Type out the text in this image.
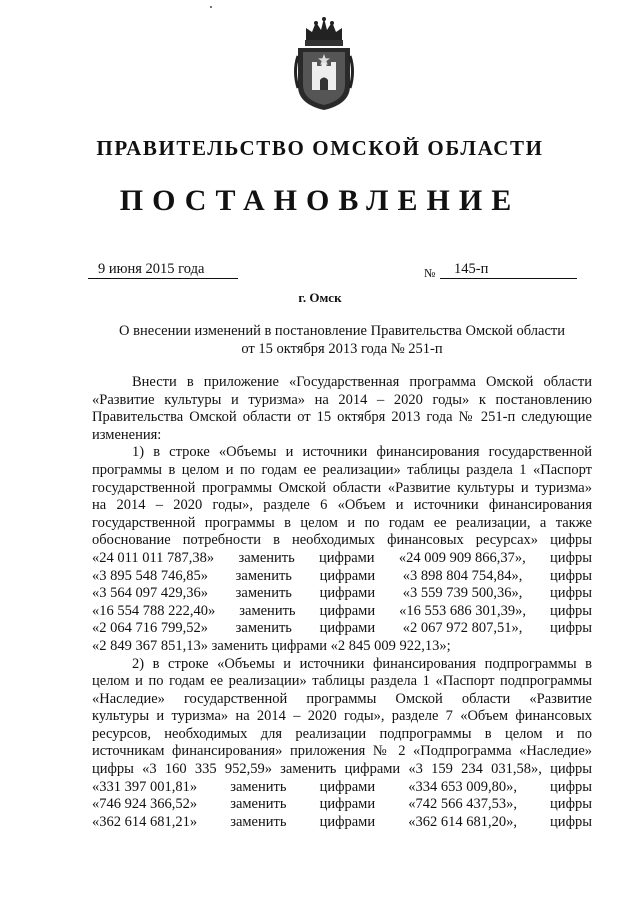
ПРАВИТЕЛЬСТВО ОМСКОЙ ОБЛАСТИ
ПОСТАНОВЛЕНИЕ
9 июня 2015 года	№	145-п
г. Омск
О внесении изменений в постановление Правительства Омской области
от 15 октября 2013 года № 251-п

Внести в приложение «Государственная программа Омской области

«Развитие культуры и туризма» на 2014 – 2020 годы» к постановлению

Правительства Омской области от 15 октября 2013 года № 251-п следующие

изменения:

1) в строке «Объемы и источники финансирования государственной

программы в целом и по годам ее реализации» таблицы раздела 1 «Паспорт

государственной программы Омской области «Развитие культуры и туризма»

на 2014 – 2020 годы», разделе 6 «Объем и источники финансирования

государственной программы в целом и по годам ее реализации, а также

обоснование потребности в необходимых финансовых ресурсах» цифры

«24 011 011 787,38» заменить цифрами «24 009 909 866,37», цифры
«3 895 548 746,85» заменить цифрами «3 898 804 754,84», цифры
«3 564 097 429,36» заменить цифрами «3 559 739 500,36», цифры
«16 554 788 222,40» заменить цифрами «16 553 686 301,39», цифры
«2 064 716 799,52» заменить цифрами «2 067 972 807,51», цифры

«2 849 367 851,13» заменить цифрами «2 845 009 922,13»;

2) в строке «Объемы и источники финансирования подпрограммы в

целом и по годам ее реализации» таблицы раздела 1 «Паспорт подпрограммы

«Наследие» государственной программы Омской области «Развитие

культуры и туризма» на 2014 – 2020 годы», разделе 7 «Объем финансовых

ресурсов, необходимых для реализации подпрограммы в целом и по

источникам финансирования» приложения № 2 «Подпрограмма «Наследие»

цифры «3 160 335 952,59» заменить цифрами «3 159 234 031,58», цифры

«331 397 001,81» заменить цифрами «334 653 009,80», цифры
«746 924 366,52» заменить цифрами «742 566 437,53», цифры
«362 614 681,21» заменить цифрами «362 614 681,20», цифры
